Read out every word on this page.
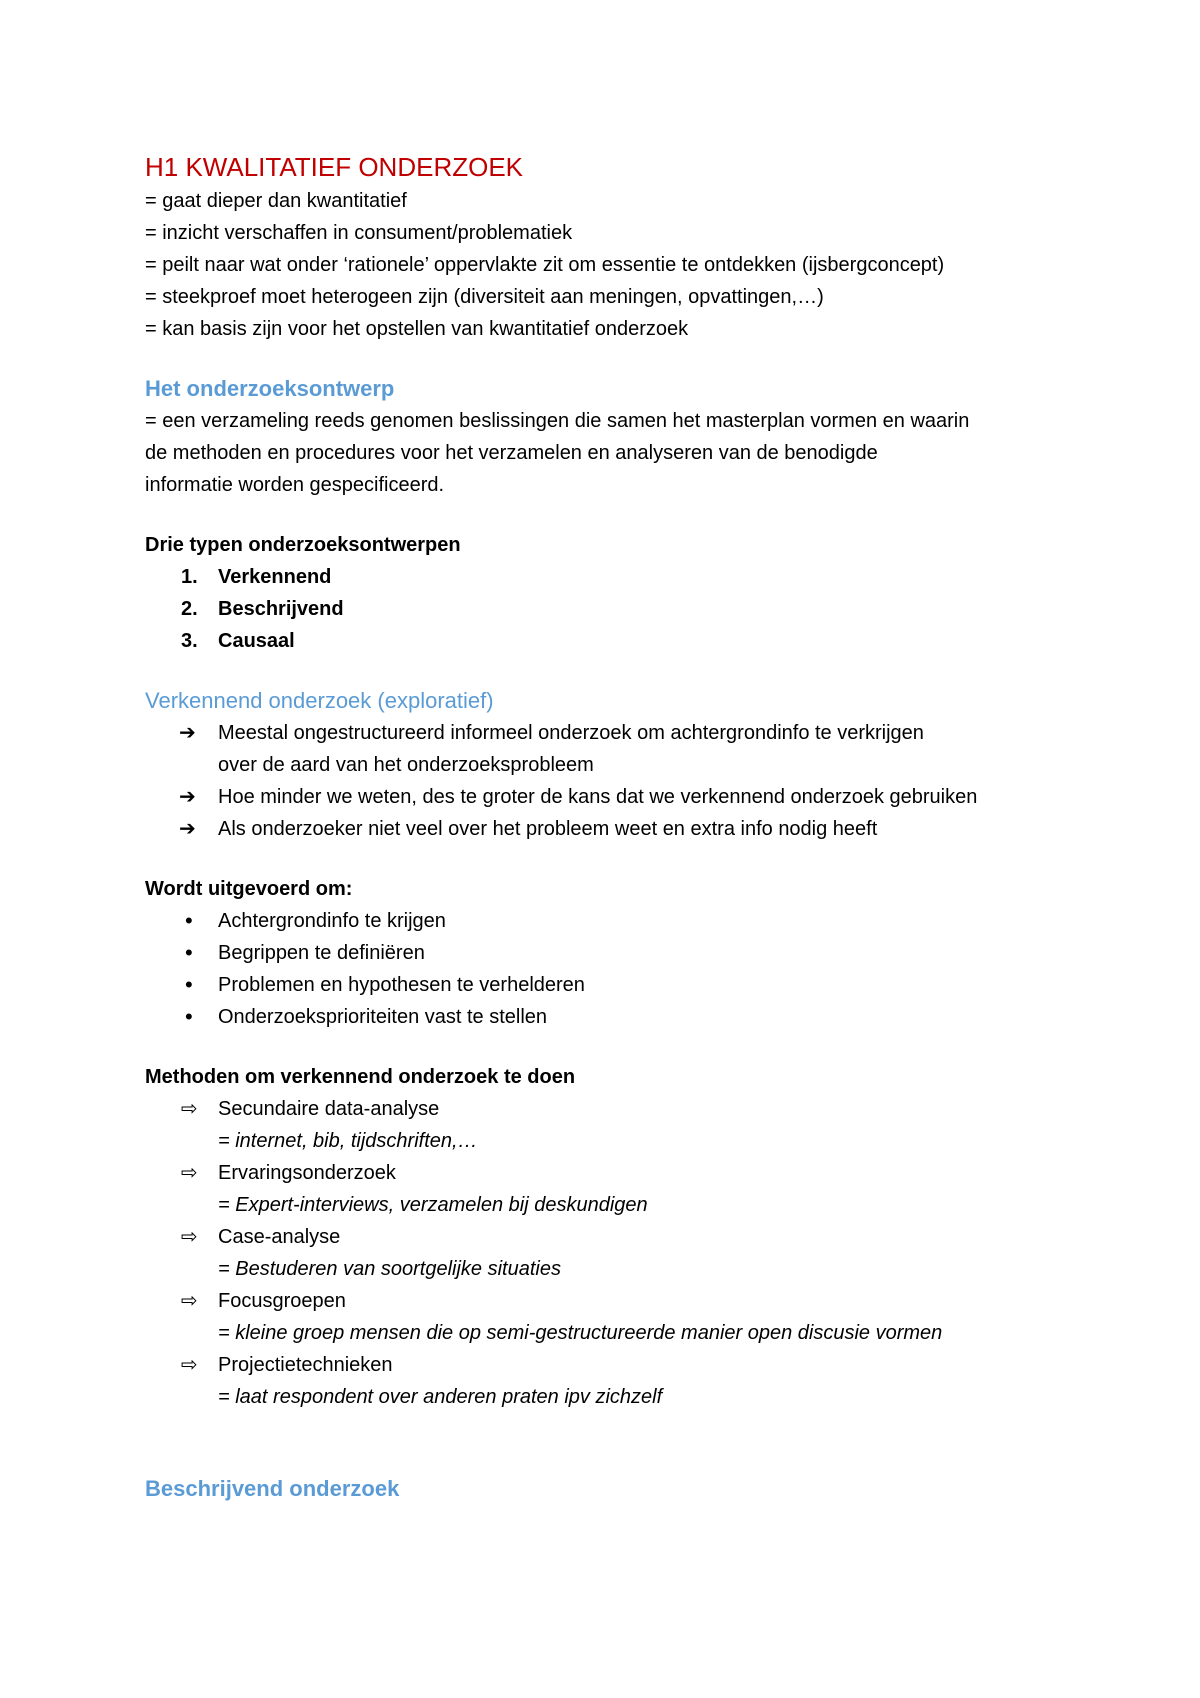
H1 KWALITATIEF ONDERZOEK

= gaat dieper dan kwantitatief

= inzicht verschaffen in consument/problematiek

= peilt naar wat onder ‘rationele’ oppervlakte zit om essentie te ontdekken (ijsbergconcept)

= steekproef moet heterogeen zijn (diversiteit aan meningen, opvattingen,…)

= kan basis zijn voor het opstellen van kwantitatief onderzoek

Het onderzoeksontwerp

= een verzameling reeds genomen beslissingen die samen het masterplan vormen en waarin

de methoden en procedures voor het verzamelen en analyseren van de benodigde

informatie worden gespecificeerd.

Drie typen onderzoeksontwerpen

1.	Verkennend
2.	Beschrijvend
3.	Causaal
Verkennend onderzoek (exploratief)
➔	Meestal ongestructureerd informeel onderzoek om achtergrondinfo te verkrijgen
over de aard van het onderzoeksprobleem
➔	Hoe minder we weten, des te groter de kans dat we verkennend onderzoek gebruiken
➔	Als onderzoeker niet veel over het probleem weet en extra info nodig heeft

Wordt uitgevoerd om:

•	Achtergrondinfo te krijgen
•	Begrippen te definiëren
•	Problemen en hypothesen te verhelderen
•	Onderzoeksprioriteiten vast te stellen

Methoden om verkennend onderzoek te doen

⇨	Secundaire data-analyse

= internet, bib, tijdschriften,…

⇨	Ervaringsonderzoek

= Expert-interviews, verzamelen bij deskundigen

⇨	Case-analyse

= Bestuderen van soortgelijke situaties

⇨	Focusgroepen

= kleine groep mensen die op semi-gestructureerde manier open discusie vormen

⇨	Projectietechnieken

= laat respondent over anderen praten ipv zichzelf

Beschrijvend onderzoek
